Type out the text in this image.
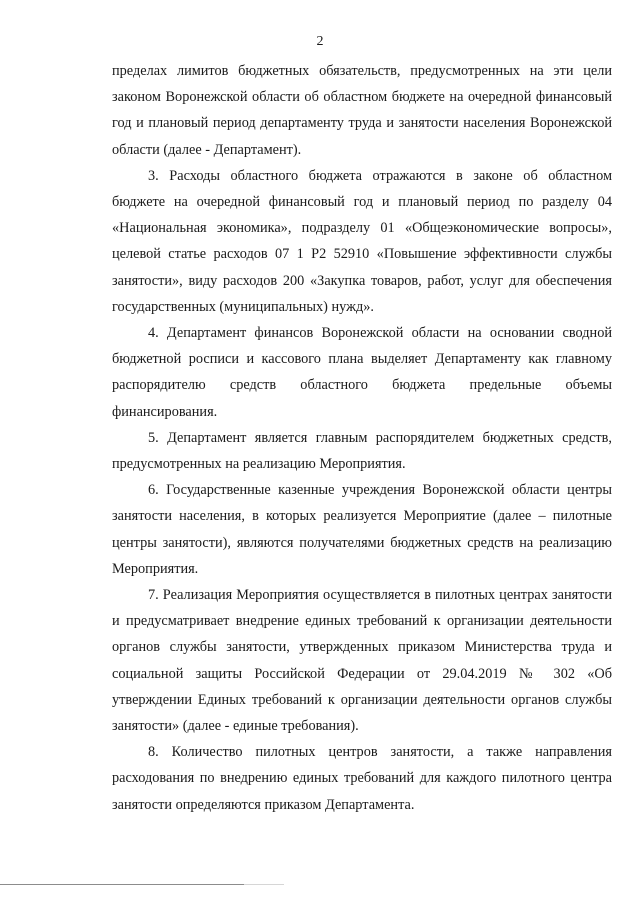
2

пределах лимитов бюджетных обязательств, предусмотренных на эти цели законом Воронежской области об областном бюджете на очередной финансовый год и плановый период департаменту труда и занятости населения Воронежской области (далее - Департамент).

3. Расходы областного бюджета отражаются в законе об областном бюджете на очередной финансовый год и плановый период по разделу 04 «Национальная экономика», подразделу 01 «Общеэкономические вопросы», целевой статье расходов 07 1 Р2 52910 «Повышение эффективности службы занятости», виду расходов 200 «Закупка товаров, работ, услуг для обеспечения государственных (муниципальных) нужд».

4. Департамент финансов Воронежской области на основании сводной бюджетной росписи и кассового плана выделяет Департаменту как главному распорядителю средств областного бюджета предельные объемы финансирования.

5. Департамент является главным распорядителем бюджетных средств, предусмотренных на реализацию Мероприятия.

6. Государственные казенные учреждения Воронежской области центры занятости населения, в которых реализуется Мероприятие (далее – пилотные центры занятости), являются получателями бюджетных средств на реализацию Мероприятия.

7. Реализация Мероприятия осуществляется в пилотных центрах занятости и предусматривает внедрение единых требований к организации деятельности органов службы занятости, утвержденных приказом Министерства труда и социальной защиты Российской Федерации от 29.04.2019 № 302 «Об утверждении Единых требований к организации деятельности органов службы занятости» (далее - единые требования).

8. Количество пилотных центров занятости, а также направления расходования по внедрению единых требований для каждого пилотного центра занятости определяются приказом Департамента.
